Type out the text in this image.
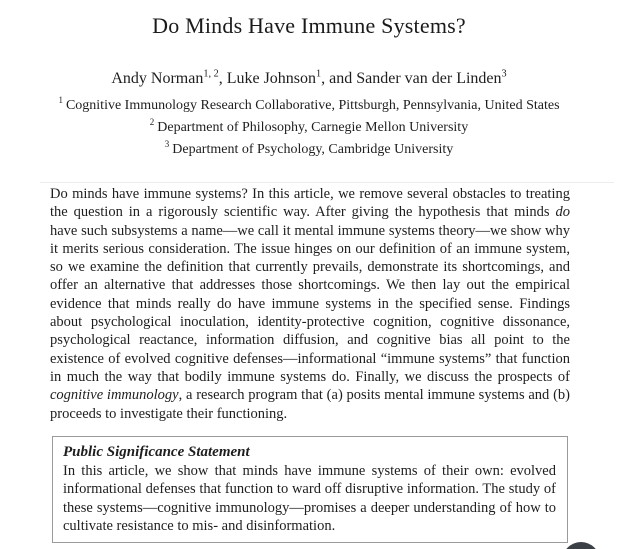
Do Minds Have Immune Systems?
Andy Norman$^{1, 2}$, Luke Johnson$^1$, and Sander van der Linden$^3$
$^1$ Cognitive Immunology Research Collaborative, Pittsburgh, Pennsylvania, United States
$^2$ Department of Philosophy, Carnegie Mellon University
$^3$ Department of Psychology, Cambridge University

Do minds have immune systems? In this article, we remove several obstacles to treating the question in a rigorously scientific way. After giving the hypothesis that minds do have such subsystems a name—we call it mental immune systems theory—we show why it merits serious consideration. The issue hinges on our definition of an immune system, so we examine the definition that currently prevails, demonstrate its shortcomings, and offer an alternative that addresses those shortcomings. We then lay out the empirical evidence that minds really do have immune systems in the specified sense. Findings about psychological inoculation, identity-protective cognition, cognitive dissonance, psychological reactance, information diffusion, and cognitive bias all point to the existence of evolved cognitive defenses—informational “immune systems” that function in much the way that bodily immune systems do. Finally, we discuss the prospects of cognitive immunology, a research program that (a) posits mental immune systems and (b) proceeds to investigate their functioning.

Public Significance Statement
In this article, we show that minds have immune systems of their own: evolved informational defenses that function to ward off disruptive information. The study of these systems—cognitive immunology—promises a deeper understanding of how to cultivate resistance to mis- and disinformation.
